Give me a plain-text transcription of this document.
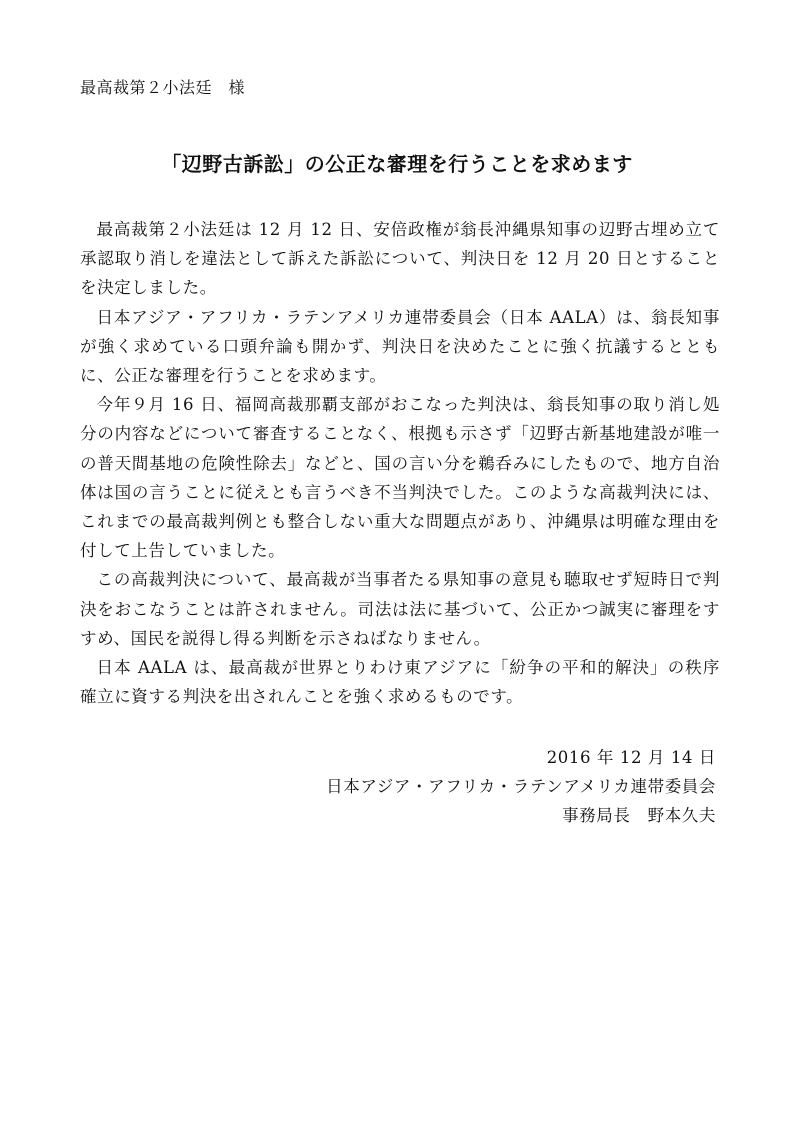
最高裁第２小法廷　様
「辺野古訴訟」の公正な審理を行うことを求めます

最高裁第２小法廷は 12 月 12 日、安倍政権が翁長沖縄県知事の辺野古埋め立て承認取り消しを違法として訴えた訴訟について、判決日を 12 月 20 日とすることを決定しました。

日本アジア・アフリカ・ラテンアメリカ連帯委員会（日本 AALA）は、翁長知事が強く求めている口頭弁論も開かず、判決日を決めたことに強く抗議するとともに、公正な審理を行うことを求めます。

今年９月 16 日、福岡高裁那覇支部がおこなった判決は、翁長知事の取り消し処分の内容などについて審査することなく、根拠も示さず「辺野古新基地建設が唯一の普天間基地の危険性除去」などと、国の言い分を鵜呑みにしたもので、地方自治体は国の言うことに従えとも言うべき不当判決でした。このような高裁判決には、これまでの最高裁判例とも整合しない重大な問題点があり、沖縄県は明確な理由を付して上告していました。

この高裁判決について、最高裁が当事者たる県知事の意見も聴取せず短時日で判決をおこなうことは許されません。司法は法に基づいて、公正かつ誠実に審理をすすめ、国民を説得し得る判断を示さねばなりません。

日本 AALA は、最高裁が世界とりわけ東アジアに「紛争の平和的解決」の秩序確立に資する判決を出されんことを強く求めるものです。

2016 年 12 月 14 日
日本アジア・アフリカ・ラテンアメリカ連帯委員会
事務局長　野本久夫
